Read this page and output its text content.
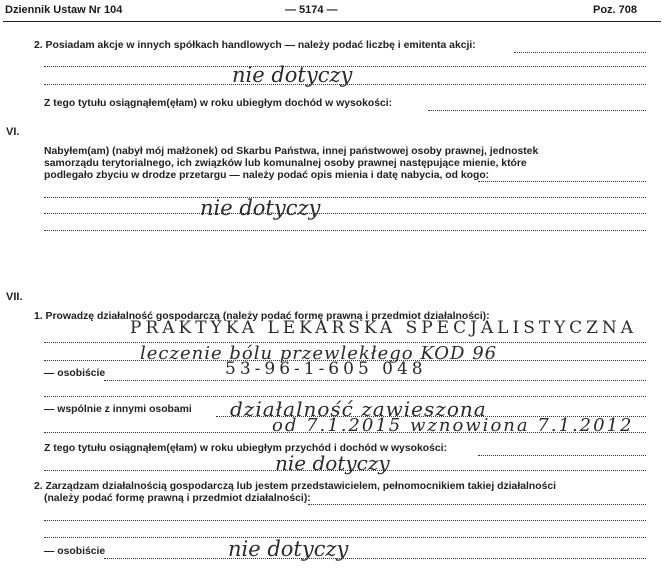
Dziennik Ustaw Nr 104	— 5174 —	Poz. 708
2. Posiadam akcje w innych spółkach handlowych — należy podać liczbę i emitenta akcji:
nie dotyczy
Z tego tytułu osiągnąłem(ęłam) w roku ubiegłym dochód w wysokości:
VI.
Nabyłem(am) (nabył mój małżonek) od Skarbu Państwa, innej państwowej osoby prawnej, jednostek
samorządu terytorialnego, ich związków lub komunalnej osoby prawnej następujące mienie, które
podlegało zbyciu w drodze przetargu — należy podać opis mienia i datę nabycia, od kogo:
nie dotyczy
VII.
1. Prowadzę działalność gospodarczą (należy podać formę prawną i przedmiot działalności):
PRAKTYKA LEKARSKA SPECJALISTYCZNA
leczenie bólu przewlekłego KOD 96
53-96-1-605 048
— osobiście
— wspólnie z innymi osobami działalność zawieszona
od 7.1.2015 wznowiona 7.1.2012
Z tego tytułu osiągnąłem(ęłam) w roku ubiegłym przychód i dochód w wysokości:
nie dotyczy
2. Zarządzam działalnością gospodarczą lub jestem przedstawicielem, pełnomocnikiem takiej działalności
(należy podać formę prawną i przedmiot działalności):
— osobiście	nie dotyczy
